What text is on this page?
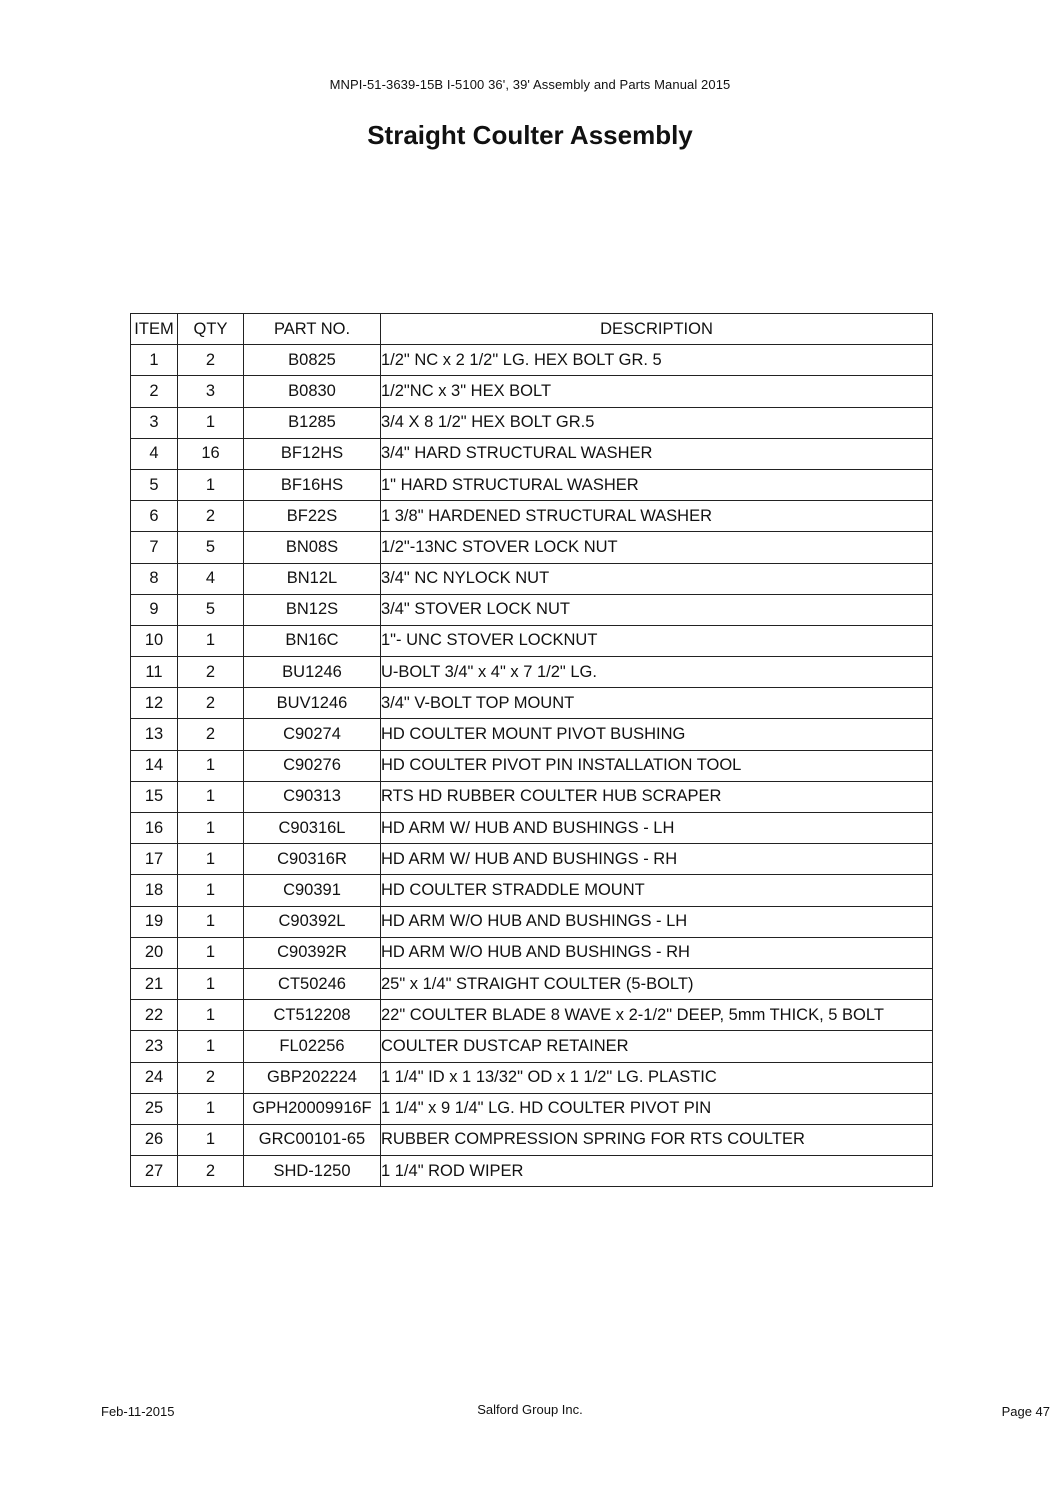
MNPI-51-3639-15B I-5100 36', 39' Assembly and Parts Manual 2015
Straight Coulter Assembly
ITEM	QTY	PART NO.	DESCRIPTION
1	2	B0825	1/2" NC x 2 1/2" LG. HEX BOLT GR. 5
2	3	B0830	1/2"NC x 3" HEX BOLT
3	1	B1285	3/4 X 8 1/2" HEX BOLT GR.5
4	16	BF12HS	3/4" HARD STRUCTURAL WASHER
5	1	BF16HS	1" HARD STRUCTURAL WASHER
6	2	BF22S	1 3/8" HARDENED STRUCTURAL WASHER
7	5	BN08S	1/2"-13NC STOVER LOCK NUT
8	4	BN12L	3/4" NC NYLOCK NUT
9	5	BN12S	3/4" STOVER LOCK NUT
10	1	BN16C	1"- UNC STOVER LOCKNUT
11	2	BU1246	U-BOLT 3/4" x 4" x 7 1/2" LG.
12	2	BUV1246	3/4" V-BOLT TOP MOUNT
13	2	C90274	HD COULTER MOUNT PIVOT BUSHING
14	1	C90276	HD COULTER PIVOT PIN INSTALLATION TOOL
15	1	C90313	RTS HD RUBBER COULTER HUB SCRAPER
16	1	C90316L	HD ARM W/ HUB AND BUSHINGS - LH
17	1	C90316R	HD ARM W/ HUB AND BUSHINGS - RH
18	1	C90391	HD COULTER STRADDLE MOUNT
19	1	C90392L	HD ARM W/O HUB AND BUSHINGS - LH
20	1	C90392R	HD ARM W/O HUB AND BUSHINGS - RH
21	1	CT50246	25" x 1/4" STRAIGHT COULTER (5-BOLT)
22	1	CT512208	22" COULTER BLADE 8 WAVE x 2-1/2" DEEP, 5mm THICK, 5 BOLT
23	1	FL02256	COULTER DUSTCAP RETAINER
24	2	GBP202224	1 1/4" ID x 1 13/32" OD x 1 1/2" LG. PLASTIC
25	1	GPH20009916F	1 1/4" x 9 1/4" LG. HD COULTER PIVOT PIN
26	1	GRC00101-65	RUBBER COMPRESSION SPRING FOR RTS COULTER
27	2	SHD-1250	1 1/4" ROD WIPER
Feb-11-2015	Salford Group Inc.	Page 47
